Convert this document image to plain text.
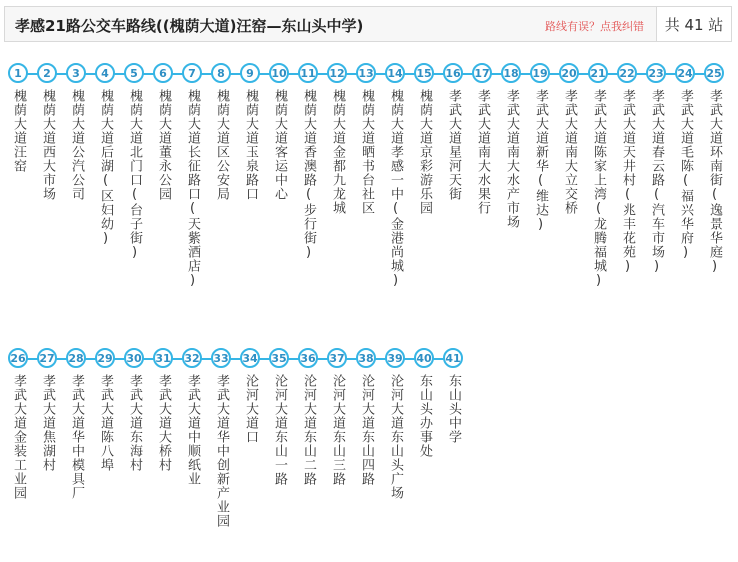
孝感21路公交车路线((槐荫大道)汪窑—东山头中学)	路线有误？点我纠错	共 41 站
1
槐荫大道汪窑
2
槐荫大道西大市场
3
槐荫大道公汽公司
4
槐荫大道后湖(区妇幼)
5
槐荫大道北门口(台子街)
6
槐荫大道董永公园
7
槐荫大道长征路口(天紫酒店)
8
槐荫大道区公安局
9
槐荫大道玉泉路口
10
槐荫大道客运中心
11
槐荫大道香澳路(步行街)
12
槐荫大道金都九龙城
13
槐荫大道晒书台社区
14
槐荫大道孝感一中(金港尚城)
15
槐荫大道京彩游乐园
16
孝武大道星河天街
17
孝武大道南大水果行
18
孝武大道南大水产市场
19
孝武大道新华(维达)
20
孝武大道南大立交桥
21
孝武大道陈家上湾(龙腾福城)
22
孝武大道天井村(兆丰花苑)
23
孝武大道春云路(汽车市场)
24
孝武大道毛陈(福兴华府)
25
孝武大道环南街(逸景华庭)
26
孝武大道金装工业园
27
孝武大道焦湖村
28
孝武大道华中模具厂
29
孝武大道陈八埠
30
孝武大道东海村
31
孝武大道大桥村
32
孝武大道中顺纸业
33
孝武大道华中创新产业园
34
沦河大道口
35
沦河大道东山一路
36
沦河大道东山二路
37
沦河大道东山三路
38
沦河大道东山四路
39
沦河大道东山头广场
40
东山头办事处
41
东山头中学
